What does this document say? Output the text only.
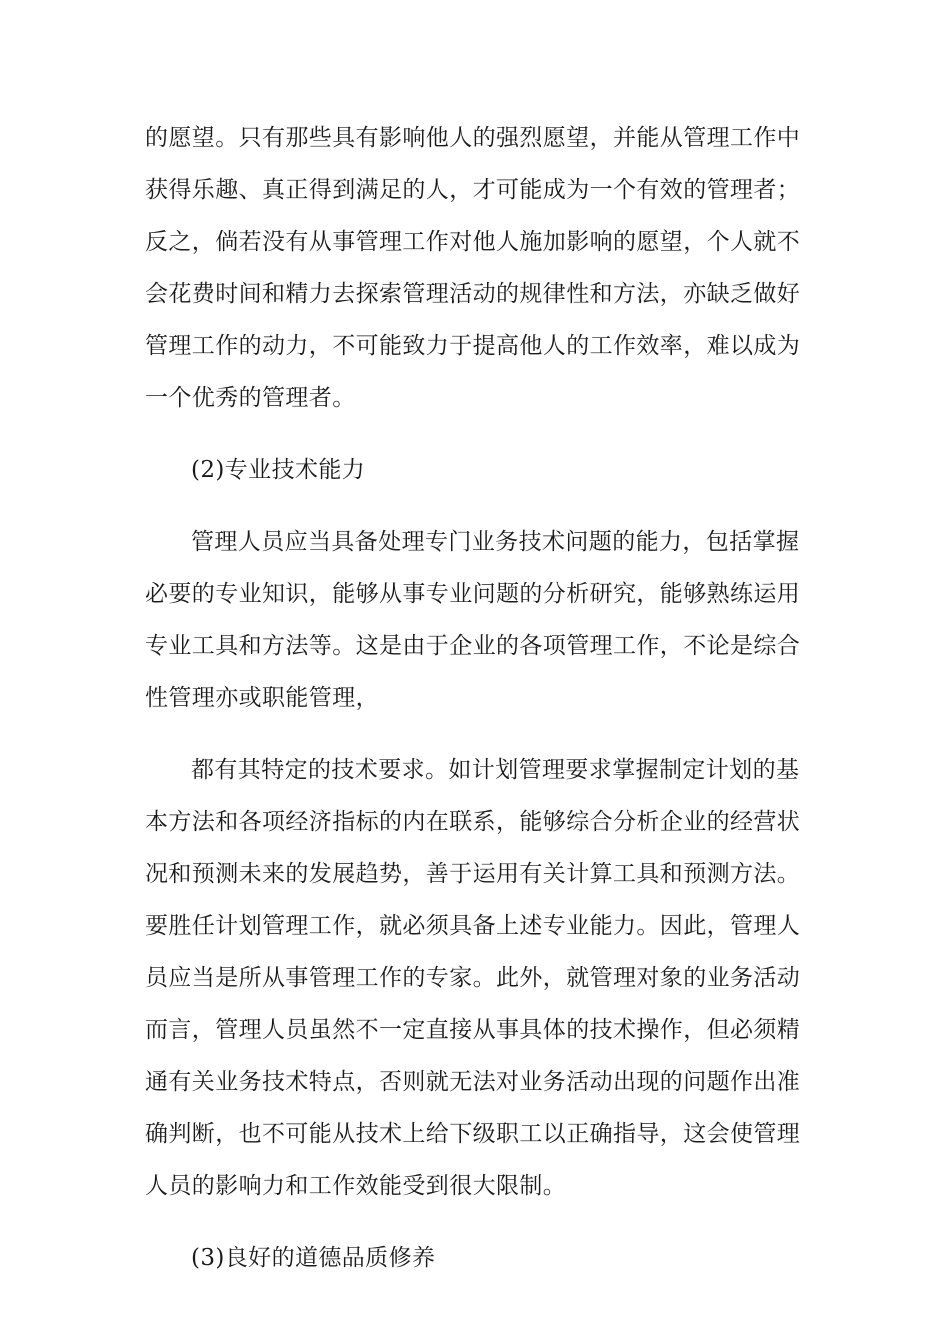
的愿望。只有那些具有影响他人的强烈愿望，并能从管理工作中
获得乐趣、真正得到满足的人，才可能成为一个有效的管理者；
反之，倘若没有从事管理工作对他人施加影响的愿望，个人就不
会花费时间和精力去探索管理活动的规律性和方法，亦缺乏做好
管理工作的动力，不可能致力于提高他人的工作效率，难以成为
一个优秀的管理者。
(2)专业技术能力
管理人员应当具备处理专门业务技术问题的能力，包括掌握
必要的专业知识，能够从事专业问题的分析研究，能够熟练运用
专业工具和方法等。这是由于企业的各项管理工作，不论是综合
性管理亦或职能管理，
都有其特定的技术要求。如计划管理要求掌握制定计划的基
本方法和各项经济指标的内在联系，能够综合分析企业的经营状
况和预测未来的发展趋势，善于运用有关计算工具和预测方法。
要胜任计划管理工作，就必须具备上述专业能力。因此，管理人
员应当是所从事管理工作的专家。此外，就管理对象的业务活动
而言，管理人员虽然不一定直接从事具体的技术操作，但必须精
通有关业务技术特点，否则就无法对业务活动出现的问题作出准
确判断，也不可能从技术上给下级职工以正确指导，这会使管理
人员的影响力和工作效能受到很大限制。
(3)良好的道德品质修养
